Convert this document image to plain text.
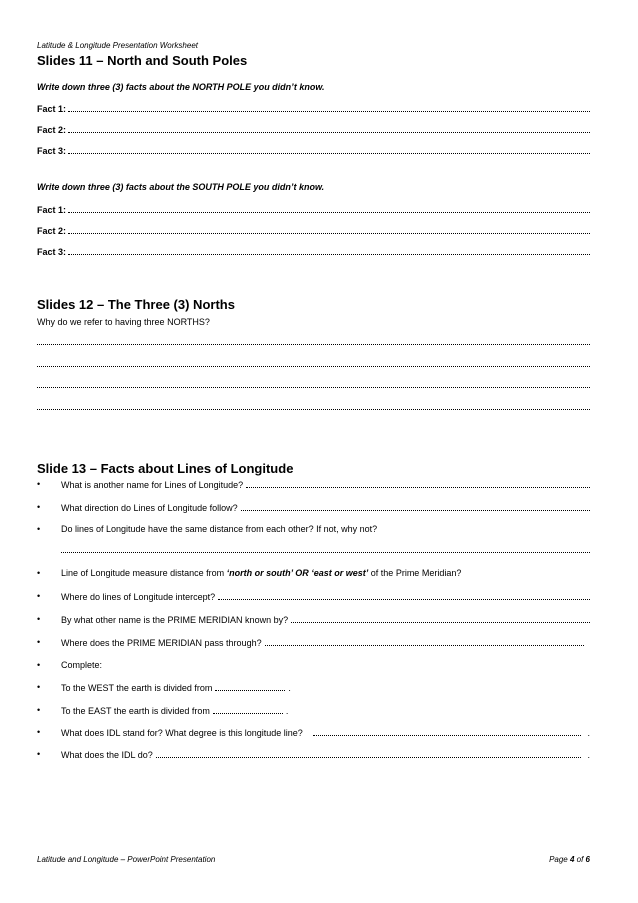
Latitude & Longitude Presentation Worksheet
Slides 11 – North and South Poles
Write down three (3) facts about the NORTH POLE you didn’t know.
Fact 1:
Fact 2:
Fact 3:
Write down three (3) facts about the SOUTH POLE you didn’t know.
Fact 1:
Fact 2:
Fact 3:
Slides 12 – The Three (3) Norths
Why do we refer to having three NORTHS?
Slide 13 – Facts about Lines of Longitude
• What is another name for Lines of Longitude?
• What direction do Lines of Longitude follow?
• Do lines of Longitude have the same distance from each other? If not, why not?
• Line of Longitude measure distance from ‘north or south’ OR ‘east or west’ of the Prime Meridian?
• Where do lines of Longitude intercept?
• By what other name is the PRIME MERIDIAN known by?
• Where does the PRIME MERIDIAN pass through?
• Complete:
• To the WEST the earth is divided from	.
• To the EAST the earth is divided from	.
• What does IDL stand for? What degree is this longitude line?	.
• What does the IDL do?	.
Latitude and Longitude – PowerPoint Presentation	Page 4 of 6
